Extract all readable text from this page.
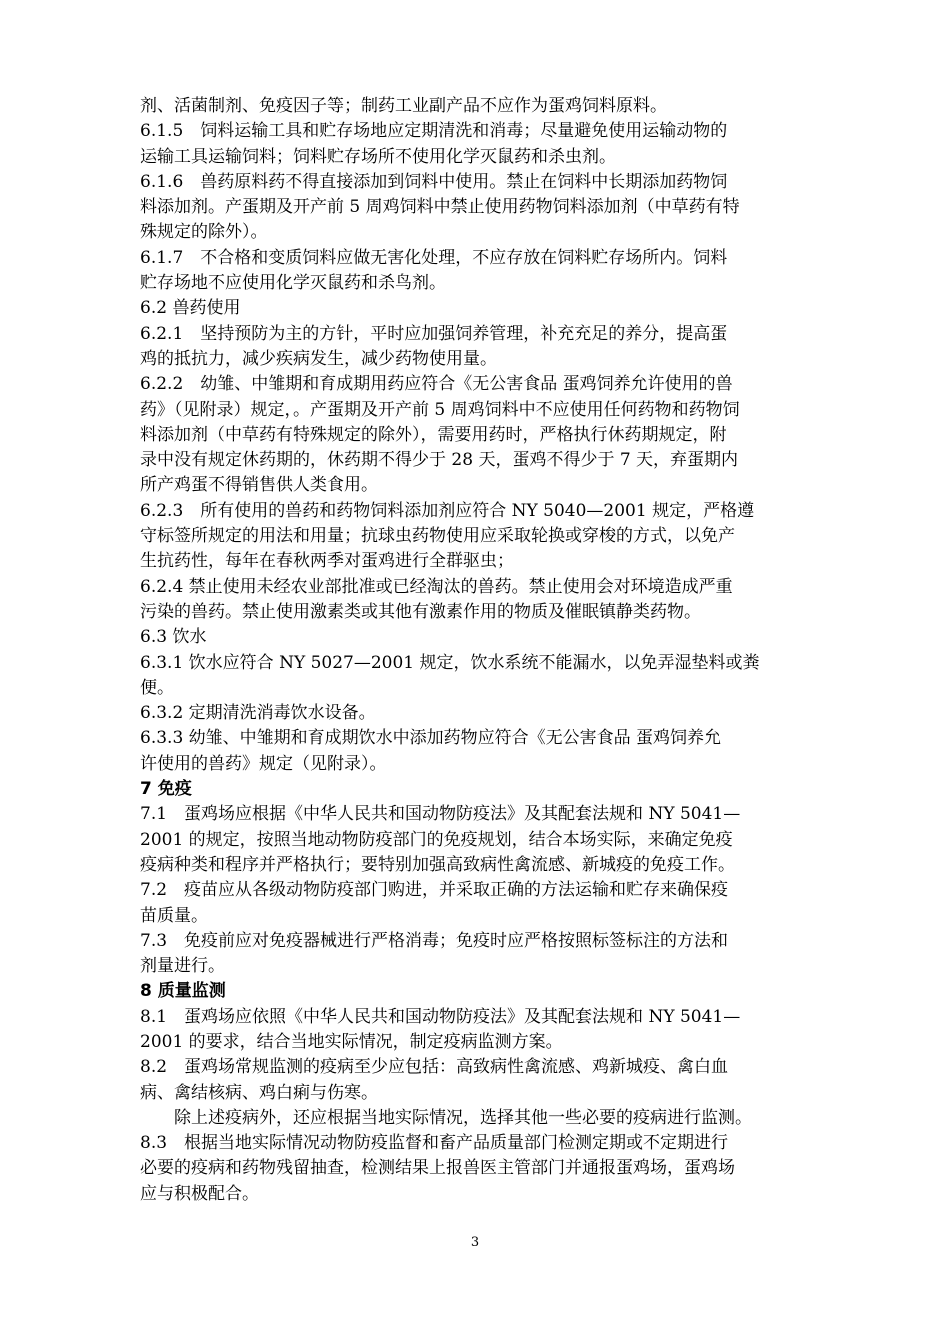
剂、活菌制剂、免疫因子等；制药工业副产品不应作为蛋鸡饲料原料。
6.1.5　饲料运输工具和贮存场地应定期清洗和消毒；尽量避免使用运输动物的
运输工具运输饲料；饲料贮存场所不使用化学灭鼠药和杀虫剂。
6.1.6　兽药原料药不得直接添加到饲料中使用。禁止在饲料中长期添加药物饲
料添加剂。产蛋期及开产前 5 周鸡饲料中禁止使用药物饲料添加剂（中草药有特
殊规定的除外）。
6.1.7　不合格和变质饲料应做无害化处理，不应存放在饲料贮存场所内。饲料
贮存场地不应使用化学灭鼠药和杀鸟剂。
6.2 兽药使用
6.2.1　坚持预防为主的方针，平时应加强饲养管理，补充充足的养分，提高蛋
鸡的抵抗力，减少疾病发生，减少药物使用量。
6.2.2　幼雏、中雏期和育成期用药应符合《无公害食品 蛋鸡饲养允许使用的兽
药》（见附录）规定，。产蛋期及开产前 5 周鸡饲料中不应使用任何药物和药物饲
料添加剂（中草药有特殊规定的除外），需要用药时，严格执行休药期规定，附
录中没有规定休药期的，休药期不得少于 28 天，蛋鸡不得少于 7 天，弃蛋期内
所产鸡蛋不得销售供人类食用。
6.2.3　所有使用的兽药和药物饲料添加剂应符合 NY 5040—2001 规定，严格遵
守标签所规定的用法和用量；抗球虫药物使用应采取轮换或穿梭的方式，以免产
生抗药性，每年在春秋两季对蛋鸡进行全群驱虫；
6.2.4 禁止使用未经农业部批准或已经淘汰的兽药。禁止使用会对环境造成严重
污染的兽药。禁止使用激素类或其他有激素作用的物质及催眠镇静类药物。
6.3 饮水
6.3.1 饮水应符合 NY 5027—2001 规定，饮水系统不能漏水，以免弄湿垫料或粪
便。
6.3.2 定期清洗消毒饮水设备。
6.3.3 幼雏、中雏期和育成期饮水中添加药物应符合《无公害食品 蛋鸡饲养允
许使用的兽药》规定（见附录）。
7 免疫
7.1　蛋鸡场应根据《中华人民共和国动物防疫法》及其配套法规和 NY 5041—
2001 的规定，按照当地动物防疫部门的免疫规划，结合本场实际，来确定免疫
疫病种类和程序并严格执行；要特别加强高致病性禽流感、新城疫的免疫工作。
7.2　疫苗应从各级动物防疫部门购进，并采取正确的方法运输和贮存来确保疫
苗质量。
7.3　免疫前应对免疫器械进行严格消毒；免疫时应严格按照标签标注的方法和
剂量进行。
8 质量监测
8.1　蛋鸡场应依照《中华人民共和国动物防疫法》及其配套法规和 NY 5041—
2001 的要求，结合当地实际情况，制定疫病监测方案。
8.2　蛋鸡场常规监测的疫病至少应包括：高致病性禽流感、鸡新城疫、禽白血
病、禽结核病、鸡白痢与伤寒。
除上述疫病外，还应根据当地实际情况，选择其他一些必要的疫病进行监测。
8.3　根据当地实际情况动物防疫监督和畜产品质量部门检测定期或不定期进行
必要的疫病和药物残留抽查，检测结果上报兽医主管部门并通报蛋鸡场，蛋鸡场
应与积极配合。
3
